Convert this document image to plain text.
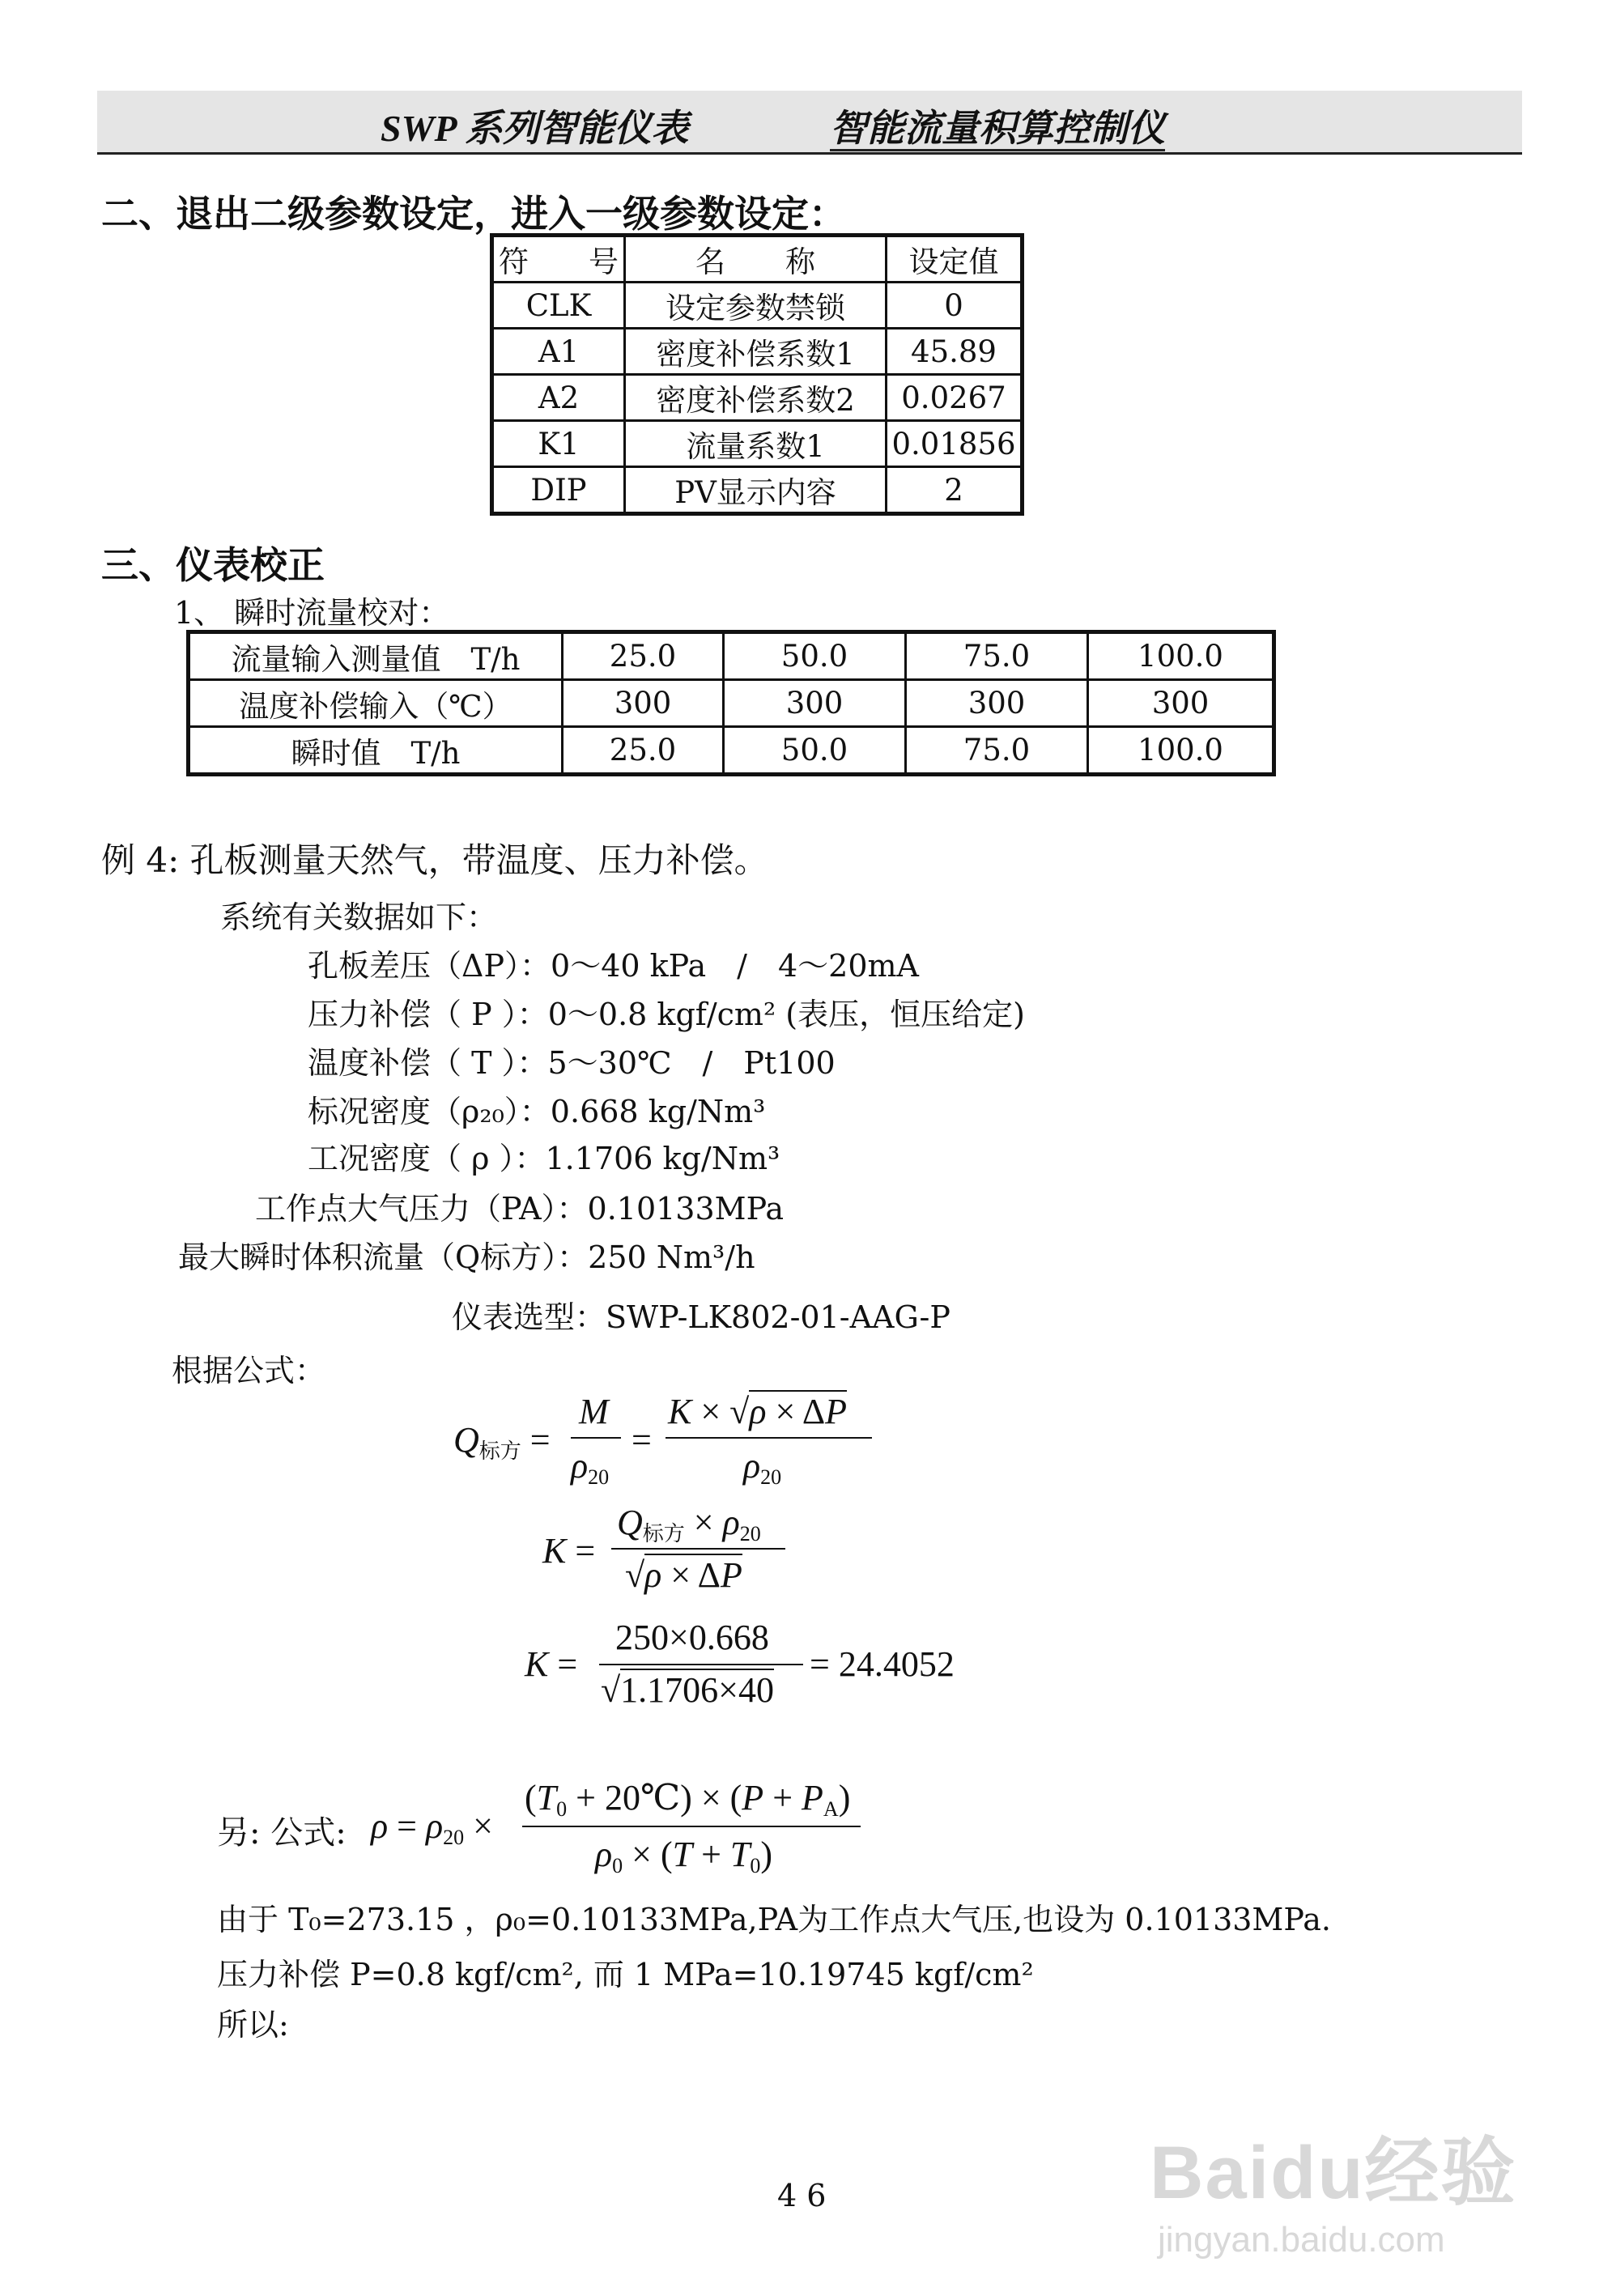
SWP 系列智能仪表	智能流量积算控制仪
二、退出二级参数设定，进入一级参数设定：
符　　号	名　　称	设定值
CLK	设定参数禁锁	0
A1	密度补偿系数1	45.89
A2	密度补偿系数2	0.0267
K1	流量系数1	0.01856
DIP	PV显示内容	2
三、仪表校正
1、 瞬时流量校对：
流量输入测量值　T/h	25.0	50.0	75.0	100.0
温度补偿输入（℃）	300	300	300	300
瞬时值　T/h	25.0	50.0	75.0	100.0
例 4: 孔板测量天然气，带温度、压力补偿。
系统有关数据如下：
孔板差压（ΔP）：0～40 kPa　/　4～20mA
压力补偿（ P ）：0～0.8 kgf/cm² (表压，恒压给定)
温度补偿（ T ）：5～30℃　/　Pt100
标况密度（ρ₂₀）：0.668 kg/Nm³
工况密度（ ρ ）：1.1706 kg/Nm³
工作点大气压力（PA）：0.10133MPa
最大瞬时体积流量（Q标方）：250 Nm³/h
仪表选型：SWP-LK802-01-AAG-P
根据公式：
$Q_{标方}$ =
M
$\rho_{20}$
=
K × √ρ × ΔP
$\rho_{20}$
K =
$Q_{标方} \times \rho_{20}$
√ρ × ΔP
K =
250×0.668
√1.1706×40
= 24.4052
另: 公式: $\rho = \rho_{20}$ ×
($T_0$ + 20℃) × $(P + P_A)$
$\rho_0 \times (T + T_0)$
由于 T₀=273.15 ，ρ₀=0.10133MPa,PA为工作点大气压,也设为 0.10133MPa.
压力补偿 P=0.8 kgf/cm², 而 1 MPa=10.19745 kgf/cm²
所以:
4 6	Baidu经验
jingyan.baidu.com
